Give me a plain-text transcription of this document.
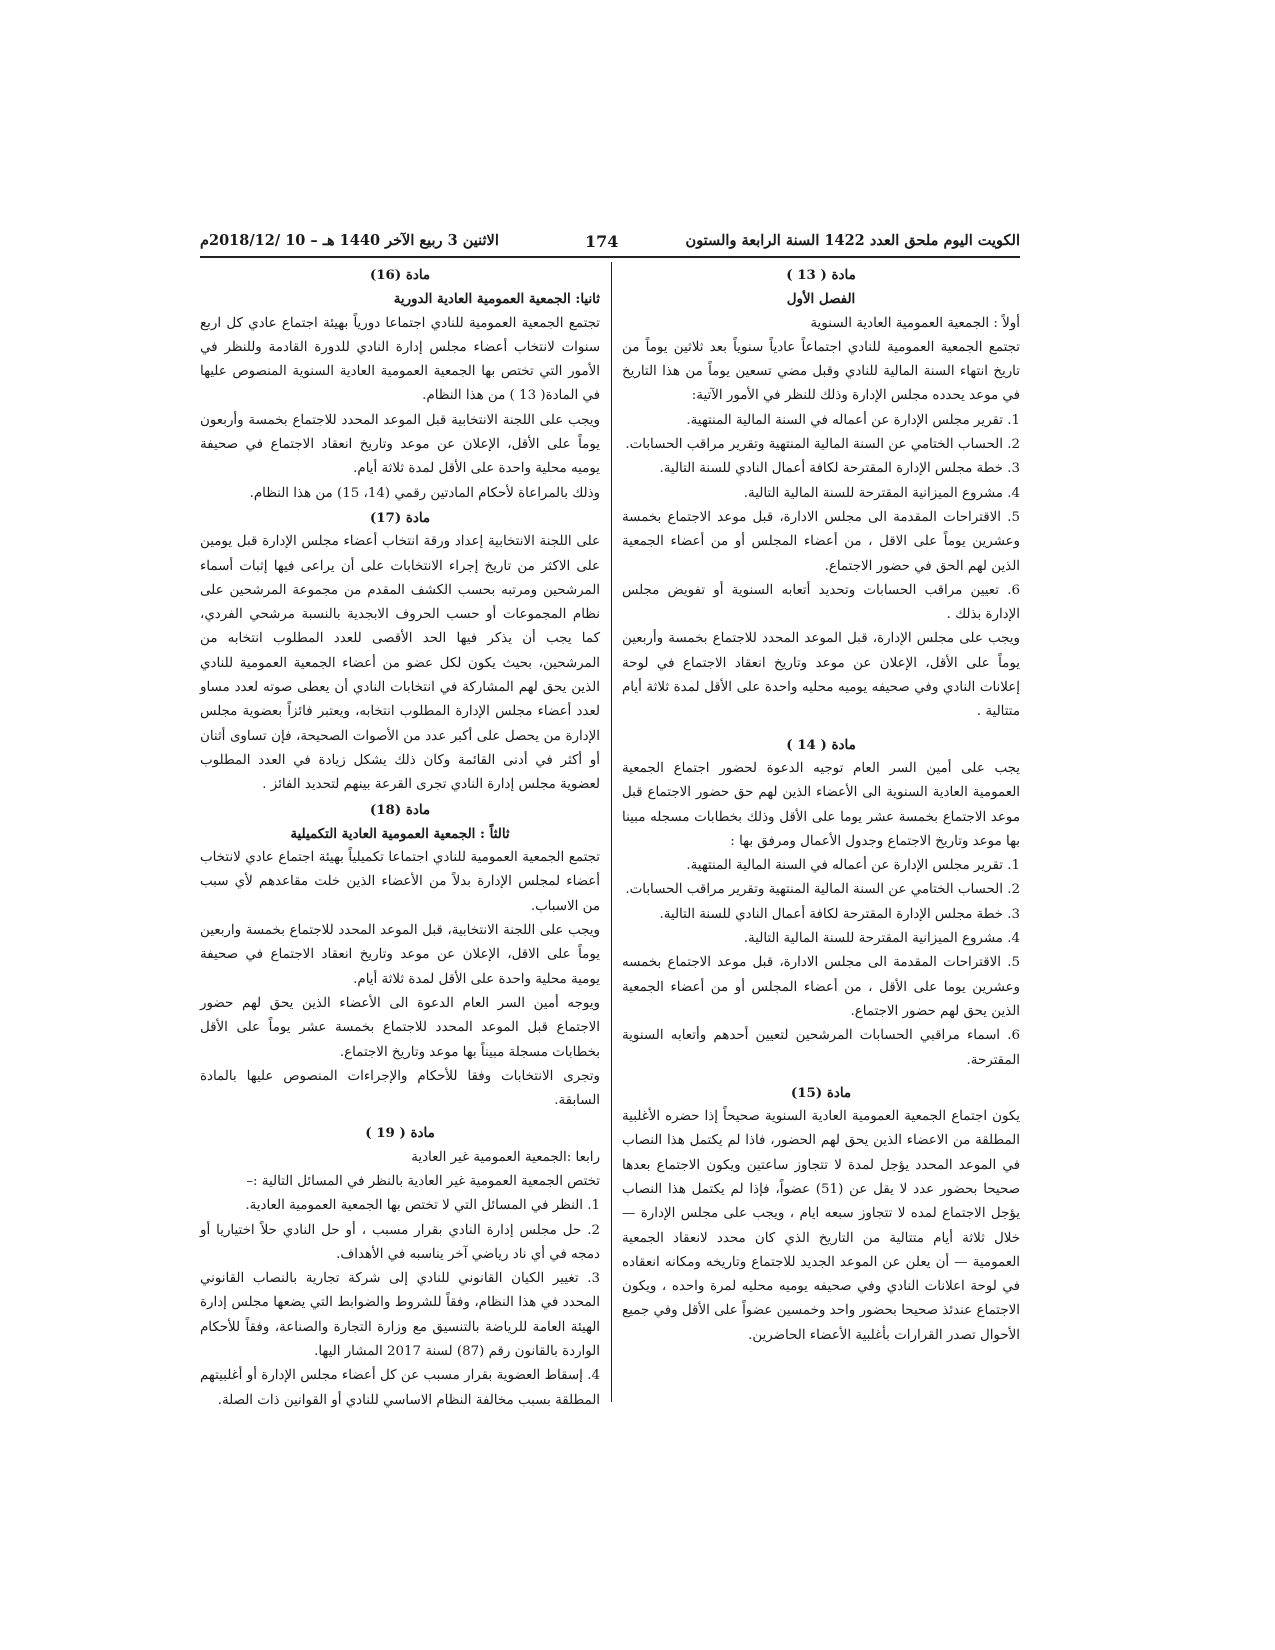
الكويت اليوم ملحق العدد 1422 السنة الرابعة والستون
174
الاثنين 3 ربيع الآخر 1440 هـ – 10 /2018/12م

مادة ( 13 )

الفصل الأول

أولاً : الجمعية العمومية العادية السنوية

تجتمع الجمعية العمومية للنادي اجتماعاً عادياً سنوياً بعد ثلاثين يوماً من تاريخ انتهاء السنة المالية للنادي وقبل مضي تسعين يوماً من هذا التاريخ في موعد يحدده مجلس الإدارة وذلك للنظر في الأمور الآتية:

1. تقرير مجلس الإدارة عن أعماله في السنة المالية المنتهية.

2. الحساب الختامي عن السنة المالية المنتهية وتقرير مراقب الحسابات.

3. خطة مجلس الإدارة المقترحة لكافة أعمال النادي للسنة التالية.

4. مشروع الميزانية المقترحة للسنة المالية التالية.

5. الاقتراحات المقدمة الى مجلس الادارة، قبل موعد الاجتماع بخمسة وعشرين يوماً على الاقل ، من أعضاء المجلس أو من أعضاء الجمعية الذين لهم الحق في حضور الاجتماع.

6. تعيين مراقب الحسابات وتحديد أتعابه السنوية أو تفويض مجلس الإدارة بذلك .

ويجب على مجلس الإدارة، قبل الموعد المحدد للاجتماع بخمسة وأربعين يوماً على الأقل، الإعلان عن موعد وتاريخ انعقاد الاجتماع في لوحة إعلانات النادي وفي صحيفه يوميه محليه واحدة على الأقل لمدة ثلاثة أيام متتالية .

مادة ( 14 )

يجب على أمين السر العام توجيه الدعوة لحضور اجتماع الجمعية العمومية العادية السنوية الى الأعضاء الذين لهم حق حضور الاجتماع قبل موعد الاجتماع بخمسة عشر يوما على الأقل وذلك بخطابات مسجله مبينا بها موعد وتاريخ الاجتماع وجدول الأعمال ومرفق بها :

1. تقرير مجلس الإدارة عن أعماله في السنة المالية المنتهية.

2. الحساب الختامي عن السنة المالية المنتهية وتقرير مراقب الحسابات.

3. خطة مجلس الإدارة المقترحة لكافة أعمال النادي للسنة التالية.

4. مشروع الميزانية المقترحة للسنة المالية التالية.

5. الاقتراحات المقدمة الى مجلس الادارة، قبل موعد الاجتماع بخمسه وعشرين يوما على الأقل ، من أعضاء المجلس أو من أعضاء الجمعية الذين يحق لهم حضور الاجتماع.

6. اسماء مراقبي الحسابات المرشحين لتعيين أحدهم وأتعابه السنوية المقترحة.

مادة (15)

يكون اجتماع الجمعية العمومية العادية السنوية صحيحاً إذا حضره الأغلبية المطلقة من الاعضاء الذين يحق لهم الحضور، فاذا لم يكتمل هذا النصاب في الموعد المحدد يؤجل لمدة لا تتجاوز ساعتين ويكون الاجتماع بعدها صحيحا بحضور عدد لا يقل عن (51) عضواً، فإذا لم يكتمل هذا النصاب يؤجل الاجتماع لمده لا تتجاوز سبعه ايام ، ويجب على مجلس الإدارة — خلال ثلاثة أيام متتالية من التاريخ الذي كان محدد لانعقاد الجمعية العمومية — أن يعلن عن الموعد الجديد للاجتماع وتاريخه ومكانه انعقاده في لوحة اعلانات النادي وفي صحيفه يوميه محليه لمرة واحده ، ويكون الاجتماع عندئذ صحيحا بحضور واحد وخمسين عضواً على الأقل وفي جميع الأحوال تصدر القرارات بأغلبية الأعضاء الحاضرين.

مادة (16)

ثانيا: الجمعية العمومية العادية الدورية

تجتمع الجمعية العمومية للنادي اجتماعا دورياً بهيئة اجتماع عادي كل اربع سنوات لانتخاب أعضاء مجلس إدارة النادي للدورة القادمة وللنظر في الأمور التي تختص بها الجمعية العمومية العادية السنوية المنصوص عليها في المادة( 13 ) من هذا النظام.

ويجب على اللجنة الانتخابية قبل الموعد المحدد للاجتماع بخمسة وأربعون يوماً على الأقل، الإعلان عن موعد وتاريخ انعقاد الاجتماع في صحيفة يوميه محلية واحدة على الأقل لمدة ثلاثة أيام.

وذلك بالمراعاة لأحكام المادتين رقمي (14، 15) من هذا النظام.

مادة (17)

على اللجنة الانتخابية إعداد ورقة انتخاب أعضاء مجلس الإدارة قبل يومين على الاكثر من تاريخ إجراء الانتخابات على أن يراعى فيها إثبات أسماء المرشحين ومرتبه بحسب الكشف المقدم من مجموعة المرشحين على نظام المجموعات أو حسب الحروف الابجدية بالنسبة مرشحي الفردي، كما يجب أن يذكر فيها الحد الأقصى للعدد المطلوب انتخابه من المرشحين، بحيث يكون لكل عضو من أعضاء الجمعية العمومية للنادي الذين يحق لهم المشاركة في انتخابات النادي أن يعطى صوته لعدد مساو لعدد أعضاء مجلس الإدارة المطلوب انتخابه، ويعتبر فائزاً بعضوية مجلس الإدارة من يحصل على أكبر عدد من الأصوات الصحيحة، فإن تساوى أثنان أو أكثر في أدنى القائمة وكان ذلك يشكل زيادة في العدد المطلوب لعضوية مجلس إدارة النادي تجرى القرعة بينهم لتحديد الفائز .

مادة (18)

ثالثاً : الجمعية العمومية العادية التكميلية

تجتمع الجمعية العمومية للنادي اجتماعا تكميلياً بهيئة اجتماع عادي لانتخاب أعضاء لمجلس الإدارة بدلاً من الأعضاء الذين خلت مقاعدهم لأي سبب من الاسباب.

ويجب على اللجنة الانتخابية، قبل الموعد المحدد للاجتماع بخمسة واربعين يوماً على الاقل، الإعلان عن موعد وتاريخ انعقاد الاجتماع في صحيفة يومية محلية واحدة على الأقل لمدة ثلاثة أيام.

ويوجه أمين السر العام الدعوة الى الأعضاء الذين يحق لهم حضور الاجتماع قبل الموعد المحدد للاجتماع بخمسة عشر يوماً على الأقل بخطابات مسجلة مبيناً بها موعد وتاريخ الاجتماع.

وتجرى الانتخابات وفقا للأحكام والإجراءات المنصوص عليها بالمادة السابقة.

مادة ( 19 )

رابعا :الجمعية العمومية غير العادية

تختص الجمعية العمومية غير العادية بالنظر في المسائل التالية :–

1. النظر في المسائل التي لا تختص بها الجمعية العمومية العادية.

2. حل مجلس إدارة النادي بقرار مسبب ، أو حل النادي حلاً اختياريا أو دمجه في أي ناد رياضي آخر يناسبه في الأهداف.

3. تغيير الكيان القانوني للنادي إلى شركة تجارية بالنصاب القانوني المحدد في هذا النظام، وفقاً للشروط والضوابط التي يضعها مجلس إدارة الهيئة العامة للرياضة بالتنسيق مع وزارة التجارة والصناعة، وفقاً للأحكام الواردة بالقانون رقم (87) لسنة 2017 المشار اليها.

4. إسقاط العضوية بقرار مسبب عن كل أعضاء مجلس الإدارة أو أغلبيتهم المطلقة بسبب مخالفة النظام الاساسي للنادي أو القوانين ذات الصلة.
